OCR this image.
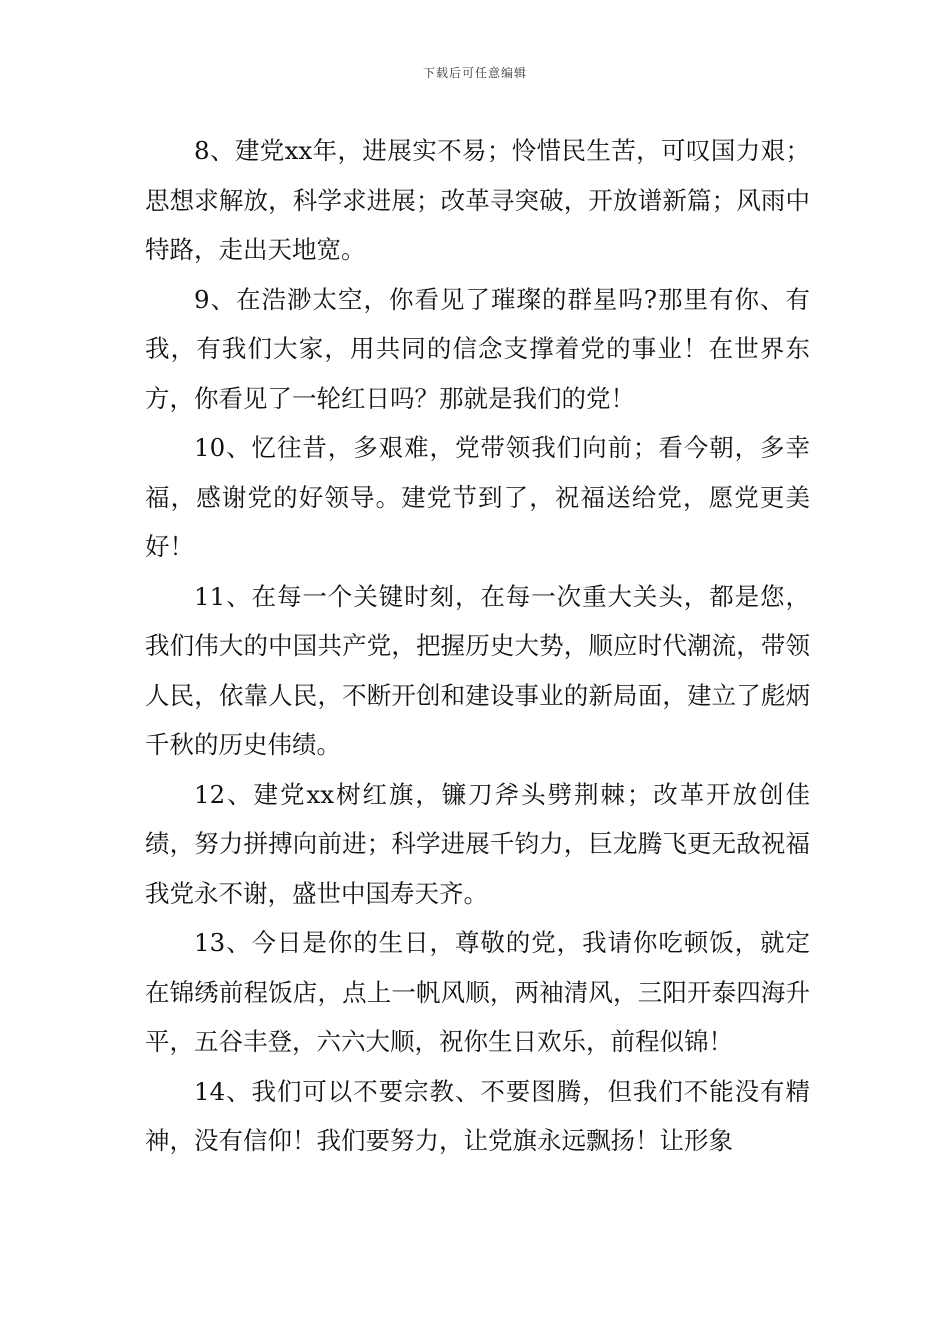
下载后可任意编辑

8、建党xx年，进展实不易；怜惜民生苦，可叹国力艰；思想求解放，科学求进展；改革寻突破，开放谱新篇；风雨中特路，走出天地宽。

9、在浩渺太空，你看见了璀璨的群星吗?那里有你、有我，有我们大家，用共同的信念支撑着党的事业！在世界东方，你看见了一轮红日吗？那就是我们的党！

10、忆往昔，多艰难，党带领我们向前；看今朝，多幸福，感谢党的好领导。建党节到了，祝福送给党，愿党更美好！

11、在每一个关键时刻，在每一次重大关头，都是您，我们伟大的中国共产党，把握历史大势，顺应时代潮流，带领人民，依靠人民，不断开创和建设事业的新局面，建立了彪炳千秋的历史伟绩。

12、建党xx树红旗，镰刀斧头劈荆棘；改革开放创佳绩，努力拼搏向前进；科学进展千钧力，巨龙腾飞更无敌祝福我党永不谢，盛世中国寿天齐。

13、今日是你的生日，尊敬的党，我请你吃顿饭，就定在锦绣前程饭店，点上一帆风顺，两袖清风，三阳开泰四海升平，五谷丰登，六六大顺，祝你生日欢乐，前程似锦！

14、我们可以不要宗教、不要图腾，但我们不能没有精神，没有信仰！我们要努力，让党旗永远飘扬！让形象
